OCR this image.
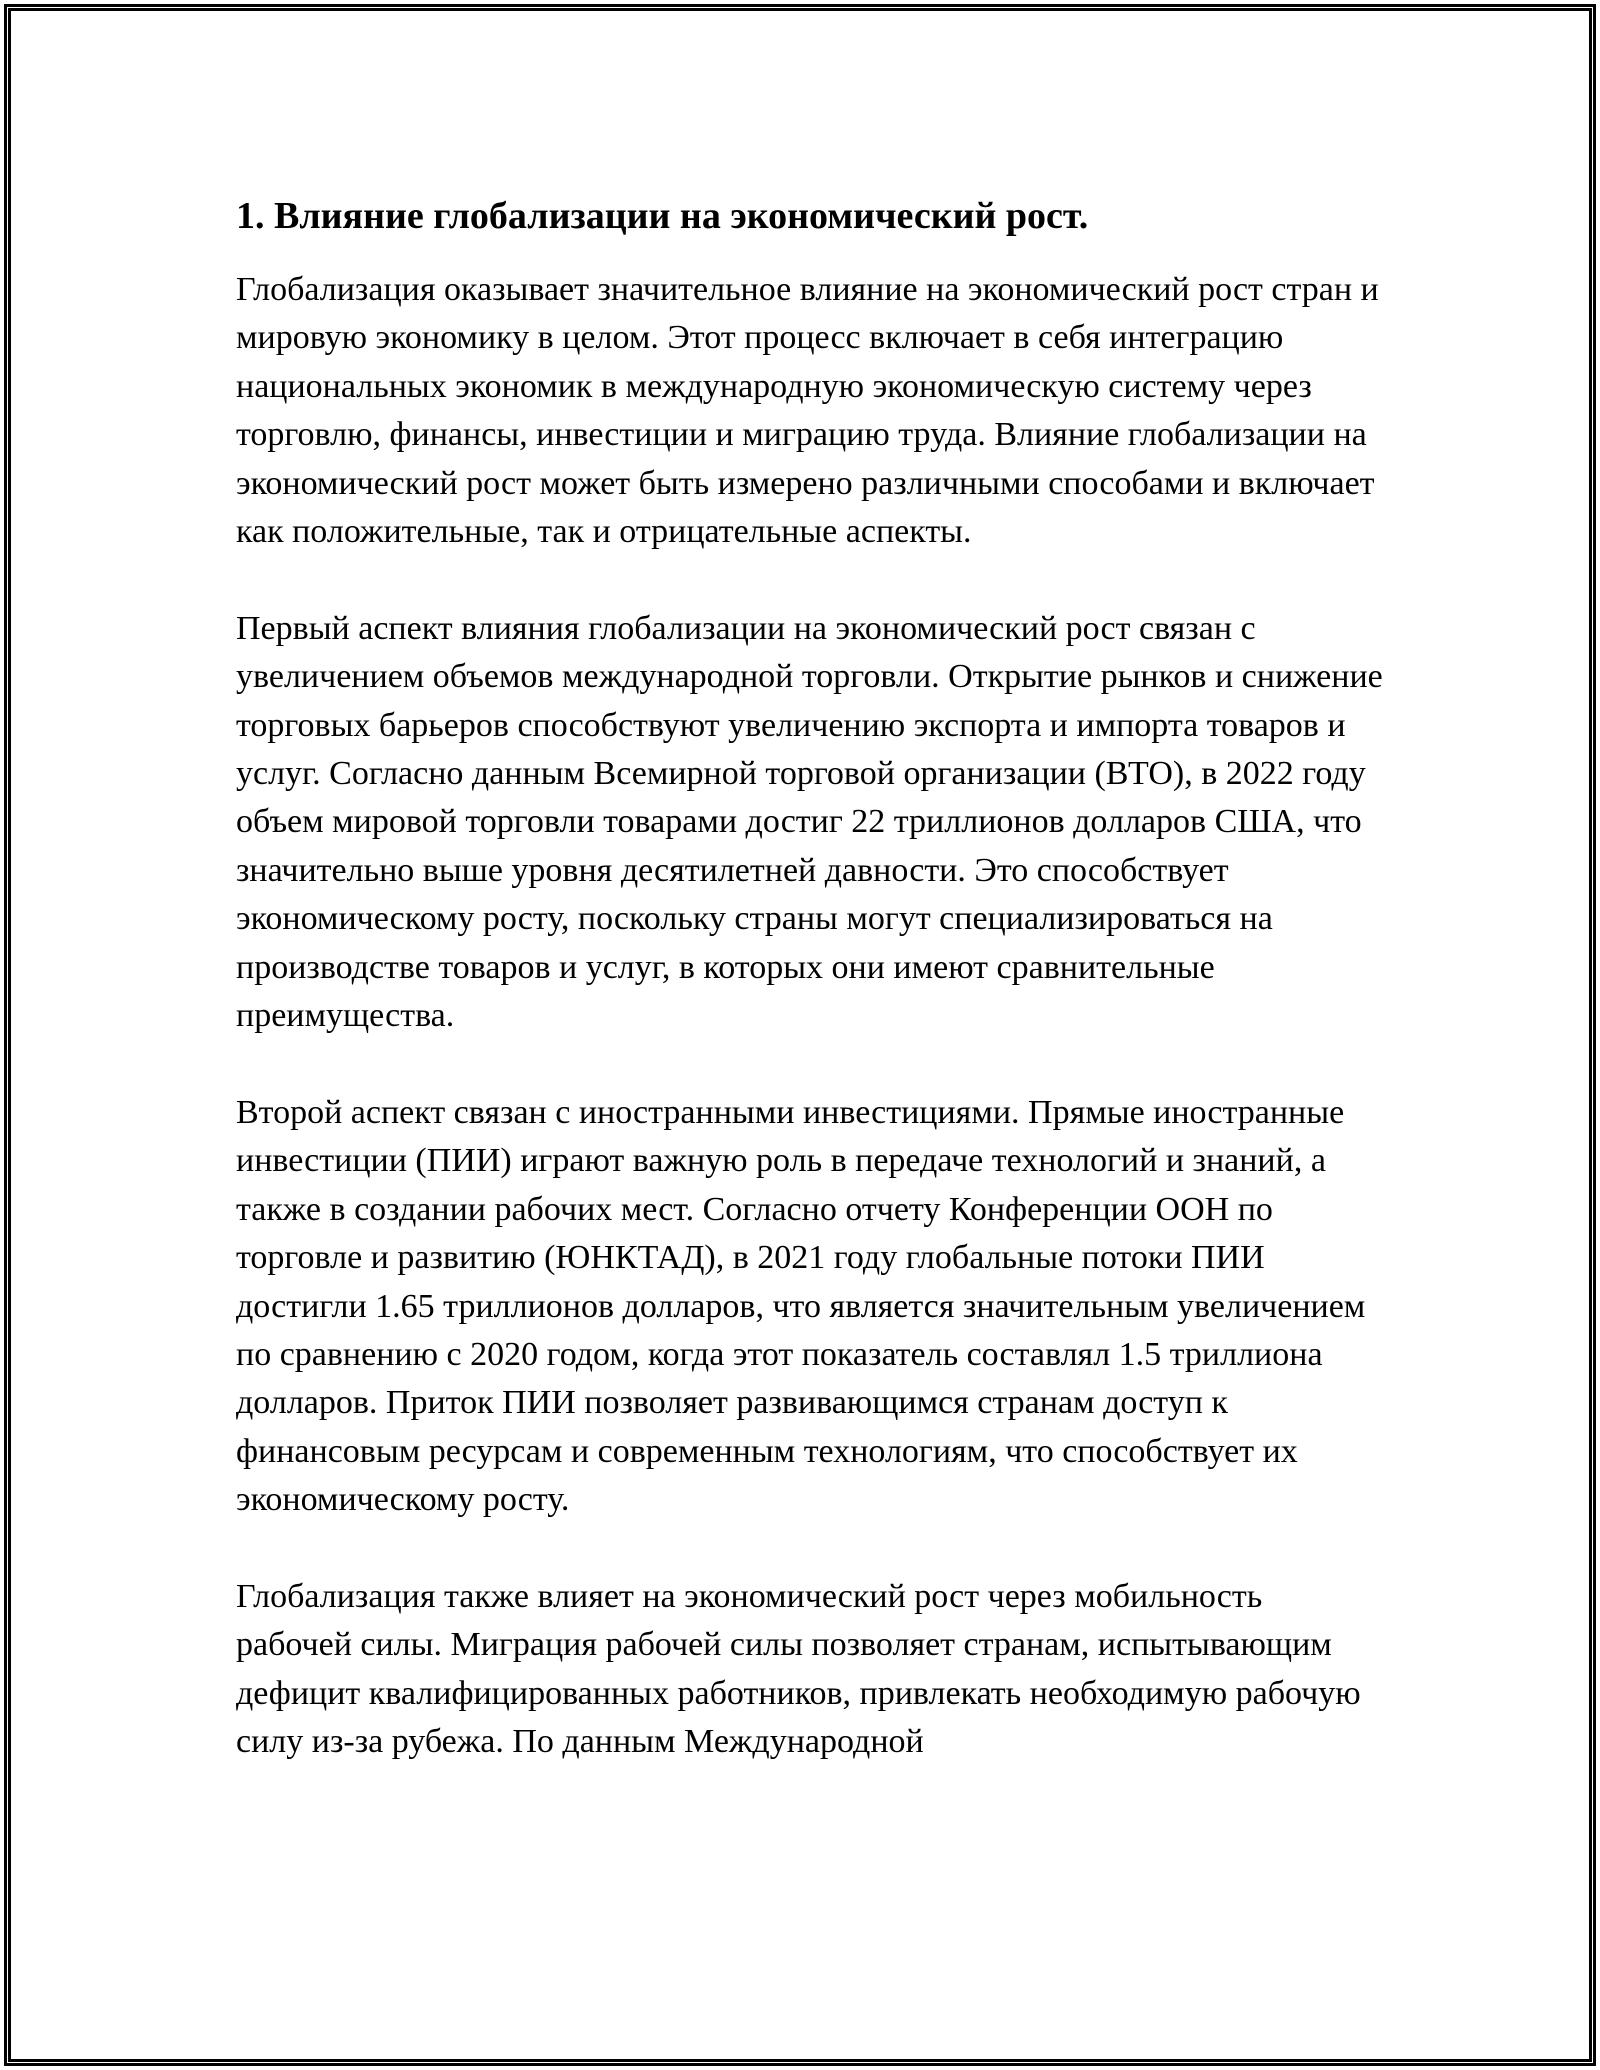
1. Влияние глобализации на экономический рост.

Глобализация оказывает значительное влияние на экономический рост стран и мировую экономику в целом. Этот процесс включает в себя интеграцию национальных экономик в международную экономическую систему через торговлю, финансы, инвестиции и миграцию труда. Влияние глобализации на экономический рост может быть измерено различными способами и включает как положительные, так и отрицательные аспекты.

Первый аспект влияния глобализации на экономический рост связан с увеличением объемов международной торговли. Открытие рынков и снижение торговых барьеров способствуют увеличению экспорта и импорта товаров и услуг. Согласно данным Всемирной торговой организации (ВТО), в 2022 году объем мировой торговли товарами достиг 22 триллионов долларов США, что значительно выше уровня десятилетней давности. Это способствует экономическому росту, поскольку страны могут специализироваться на производстве товаров и услуг, в которых они имеют сравнительные преимущества.

Второй аспект связан с иностранными инвестициями. Прямые иностранные инвестиции (ПИИ) играют важную роль в передаче технологий и знаний, а также в создании рабочих мест. Согласно отчету Конференции ООН по торговле и развитию (ЮНКТАД), в 2021 году глобальные потоки ПИИ достигли 1.65 триллионов долларов, что является значительным увеличением по сравнению с 2020 годом, когда этот показатель составлял 1.5 триллиона долларов. Приток ПИИ позволяет развивающимся странам доступ к финансовым ресурсам и современным технологиям, что способствует их экономическому росту.

Глобализация также влияет на экономический рост через мобильность рабочей силы. Миграция рабочей силы позволяет странам, испытывающим дефицит квалифицированных работников, привлекать необходимую рабочую силу из-за рубежа. По данным Международной
